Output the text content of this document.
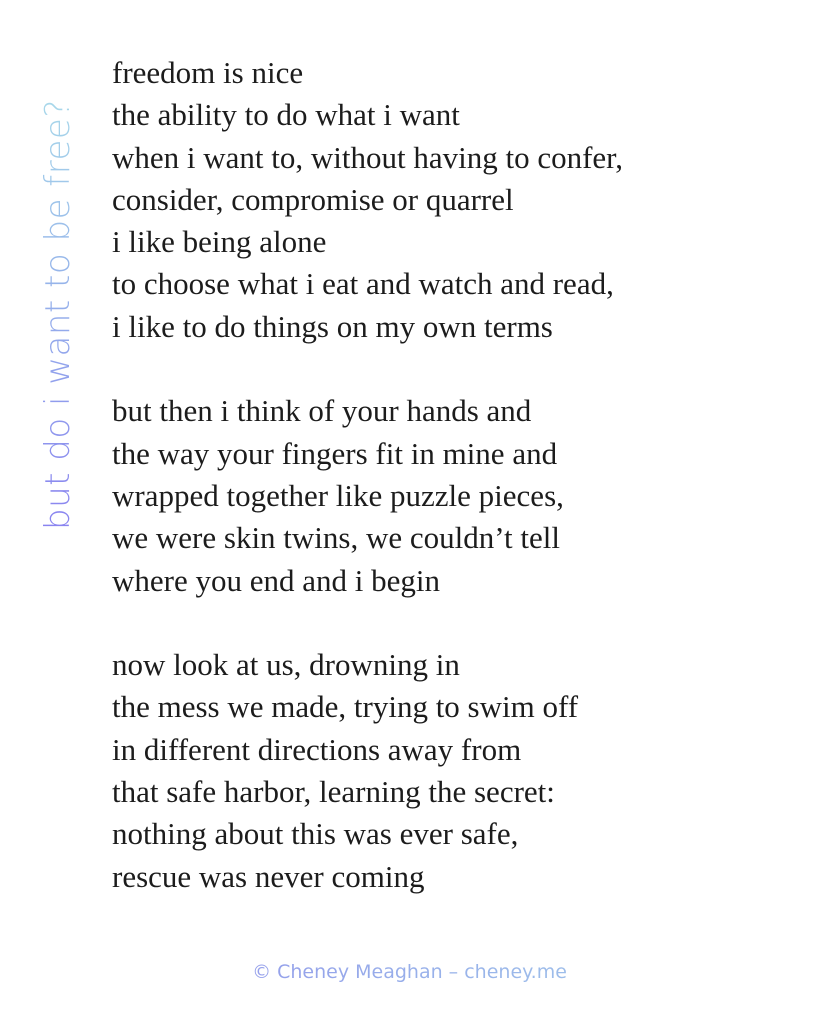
but do i want to be free?
freedom is nice
the ability to do what i want
when i want to, without having to confer,
consider, compromise or quarrel
i like being alone
to choose what i eat and watch and read,
i like to do things on my own terms
but then i think of your hands and
the way your fingers fit in mine and
wrapped together like puzzle pieces,
we were skin twins, we couldn’t tell
where you end and i begin
now look at us, drowning in
the mess we made, trying to swim off
in different directions away from
that safe harbor, learning the secret:
nothing about this was ever safe,
rescue was never coming
© Cheney Meaghan – cheney.me
